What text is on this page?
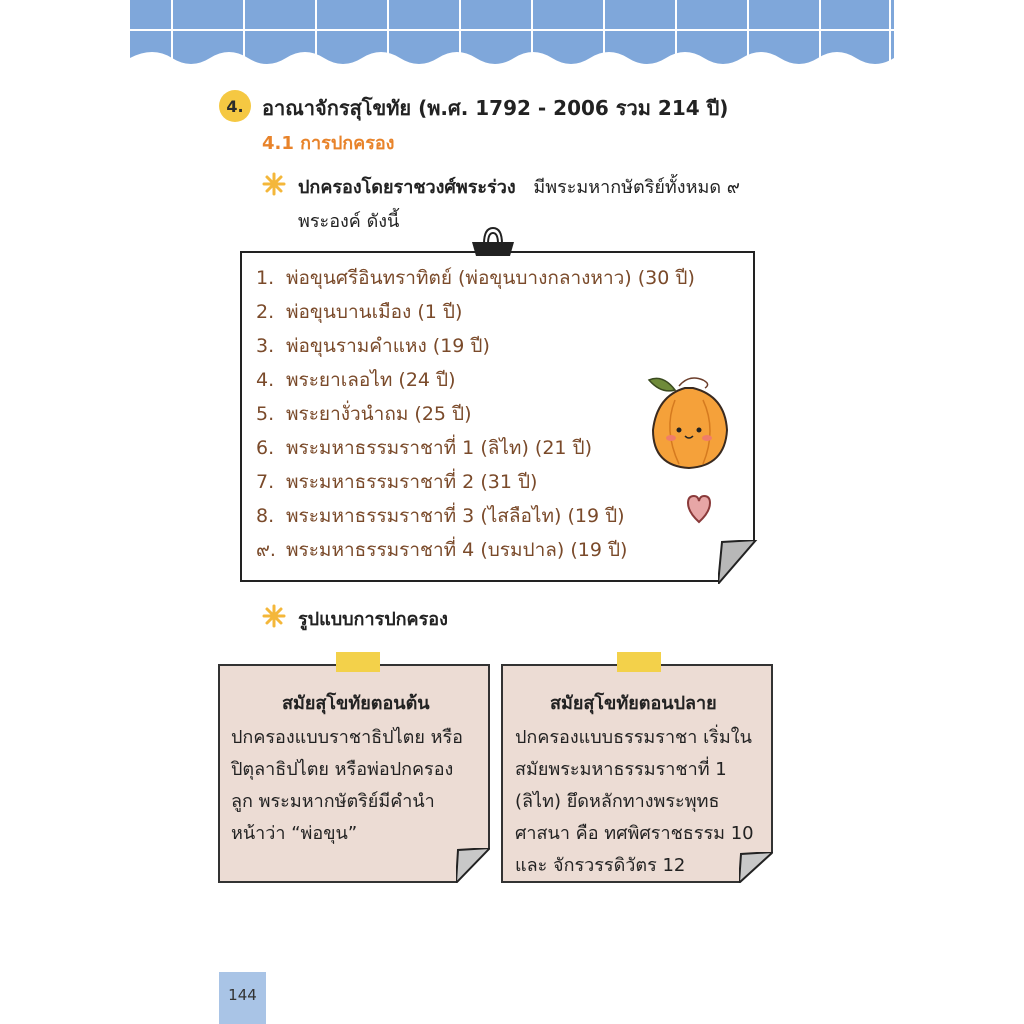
4. อาณาจักรสุโขทัย (พ.ศ. 1792 - 2006 รวม 214 ปี)
4.1 การปกครอง
ปกครองโดยราชวงศ์พระร่วง มีพระมหากษัตริย์ทั้งหมด ๙
พระองค์ ดังนี้
1. พ่อขุนศรีอินทราทิตย์ (พ่อขุนบางกลางหาว) (30 ปี)
2. พ่อขุนบานเมือง (1 ปี)
3. พ่อขุนรามคำแหง (19 ปี)
4. พระยาเลอไท (24 ปี)
5. พระยางั่วนำถม (25 ปี)
6. พระมหาธรรมราชาที่ 1 (ลิไท) (21 ปี)
7. พระมหาธรรมราชาที่ 2 (31 ปี)
8. พระมหาธรรมราชาที่ 3 (ไสลือไท) (19 ปี)
๙. พระมหาธรรมราชาที่ 4 (บรมปาล) (19 ปี)
รูปแบบการปกครอง
สมัยสุโขทัยตอนต้น
ปกครองแบบราชาธิปไตย หรือ
ปิตุลาธิปไตย หรือพ่อปกครอง
ลูก พระมหากษัตริย์มีคำนำ
หน้าว่า “พ่อขุน”
สมัยสุโขทัยตอนปลาย
ปกครองแบบธรรมราชา เริ่มใน
สมัยพระมหาธรรมราชาที่ 1
(ลิไท) ยึดหลักทางพระพุทธ
ศาสนา คือ ทศพิศราชธรรม 10
และ จักรวรรดิวัตร 12
144
